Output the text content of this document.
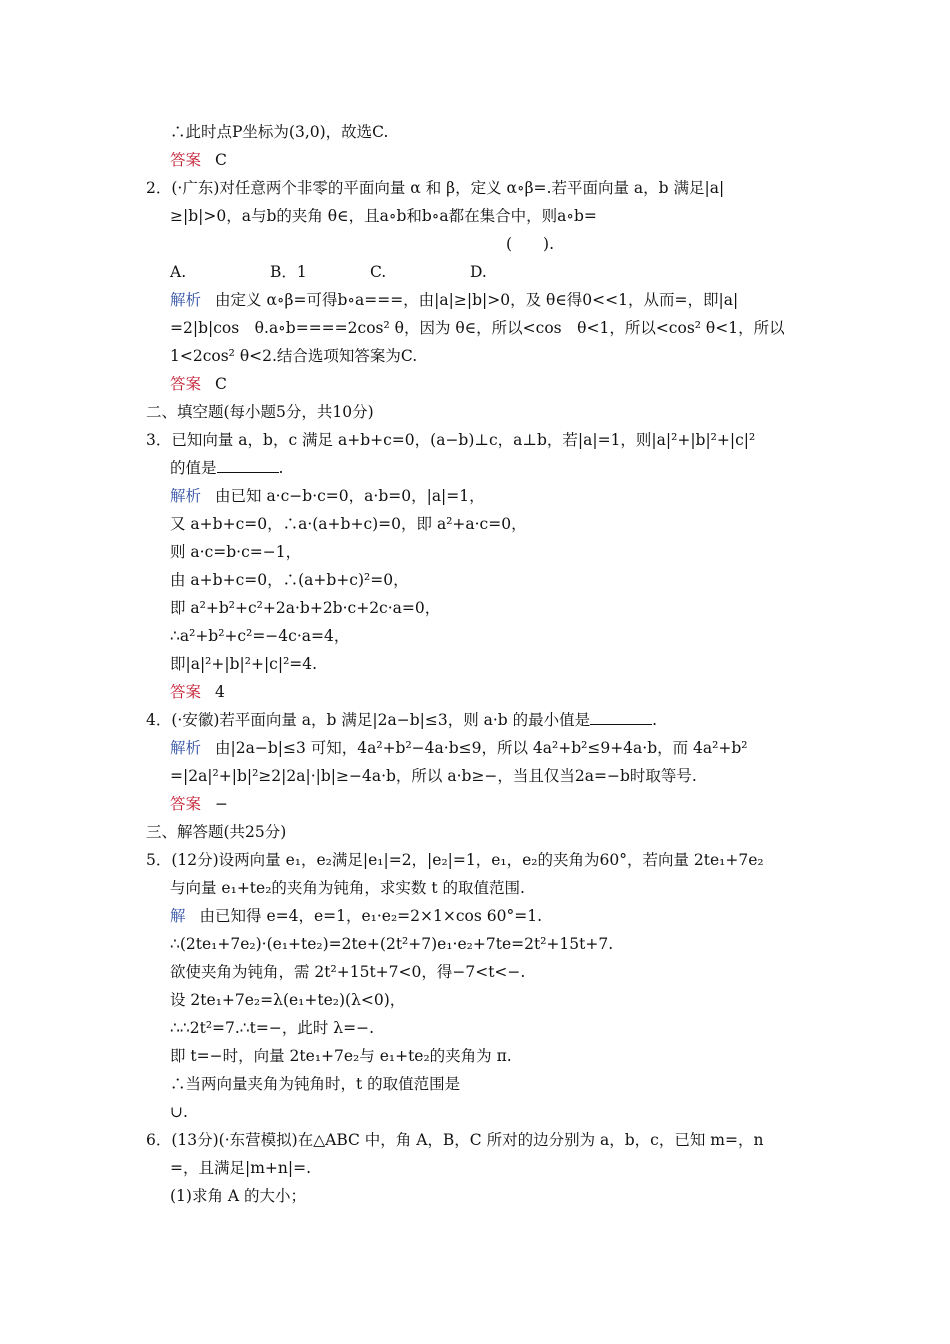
∴此时点P坐标为(3,0)，故选C.
答案 C
2．(·广东)对任意两个非零的平面向量 α 和 β，定义 α∘β=.若平面向量 a，b 满足|a|
≥|b|>0，a与b的夹角 θ∈，且a∘b和b∘a都在集合中，则a∘b=
(　　).
A.	B．1	C.	D.
解析 由定义 α∘β=可得b∘a===，由|a|≥|b|>0，及 θ∈得0<<1，从而=，即|a|
=2|b|cos　θ.a∘b====2cos² θ，因为 θ∈，所以<cos　θ<1，所以<cos² θ<1，所以
1<2cos² θ<2.结合选项知答案为C.
答案 C
二、填空题(每小题5分，共10分)
3．已知向量 a，b，c 满足 a+b+c=0，(a−b)⊥c，a⊥b，若|a|=1，则|a|²+|b|²+|c|²
的值是	.
解析 由已知 a·c−b·c=0，a·b=0，|a|=1，
又 a+b+c=0，∴a·(a+b+c)=0，即 a²+a·c=0，
则 a·c=b·c=−1，
由 a+b+c=0，∴(a+b+c)²=0，
即 a²+b²+c²+2a·b+2b·c+2c·a=0，
∴a²+b²+c²=−4c·a=4，
即|a|²+|b|²+|c|²=4.
答案 4
4．(·安徽)若平面向量 a，b 满足|2a−b|≤3，则 a·b 的最小值是	.
解析 由|2a−b|≤3 可知，4a²+b²−4a·b≤9，所以 4a²+b²≤9+4a·b，而 4a²+b²
=|2a|²+|b|²≥2|2a|·|b|≥−4a·b，所以 a·b≥−，当且仅当2a=−b时取等号.
答案 −
三、解答题(共25分)
5．(12分)设两向量 e₁，e₂满足|e₁|=2，|e₂|=1，e₁，e₂的夹角为60°，若向量 2te₁+7e₂
与向量 e₁+te₂的夹角为钝角，求实数 t 的取值范围.
解 由已知得 e=4，e=1，e₁·e₂=2×1×cos 60°=1.
∴(2te₁+7e₂)·(e₁+te₂)=2te+(2t²+7)e₁·e₂+7te=2t²+15t+7.
欲使夹角为钝角，需 2t²+15t+7<0，得−7<t<−.
设 2te₁+7e₂=λ(e₁+te₂)(λ<0)，
∴∴2t²=7.∴t=−，此时 λ=−.
即 t=−时，向量 2te₁+7e₂与 e₁+te₂的夹角为 π.
∴当两向量夹角为钝角时，t 的取值范围是
∪.
6．(13分)(·东营模拟)在△ABC 中，角 A，B，C 所对的边分别为 a，b，c，已知 m=，n
=，且满足|m+n|=.
(1)求角 A 的大小；
